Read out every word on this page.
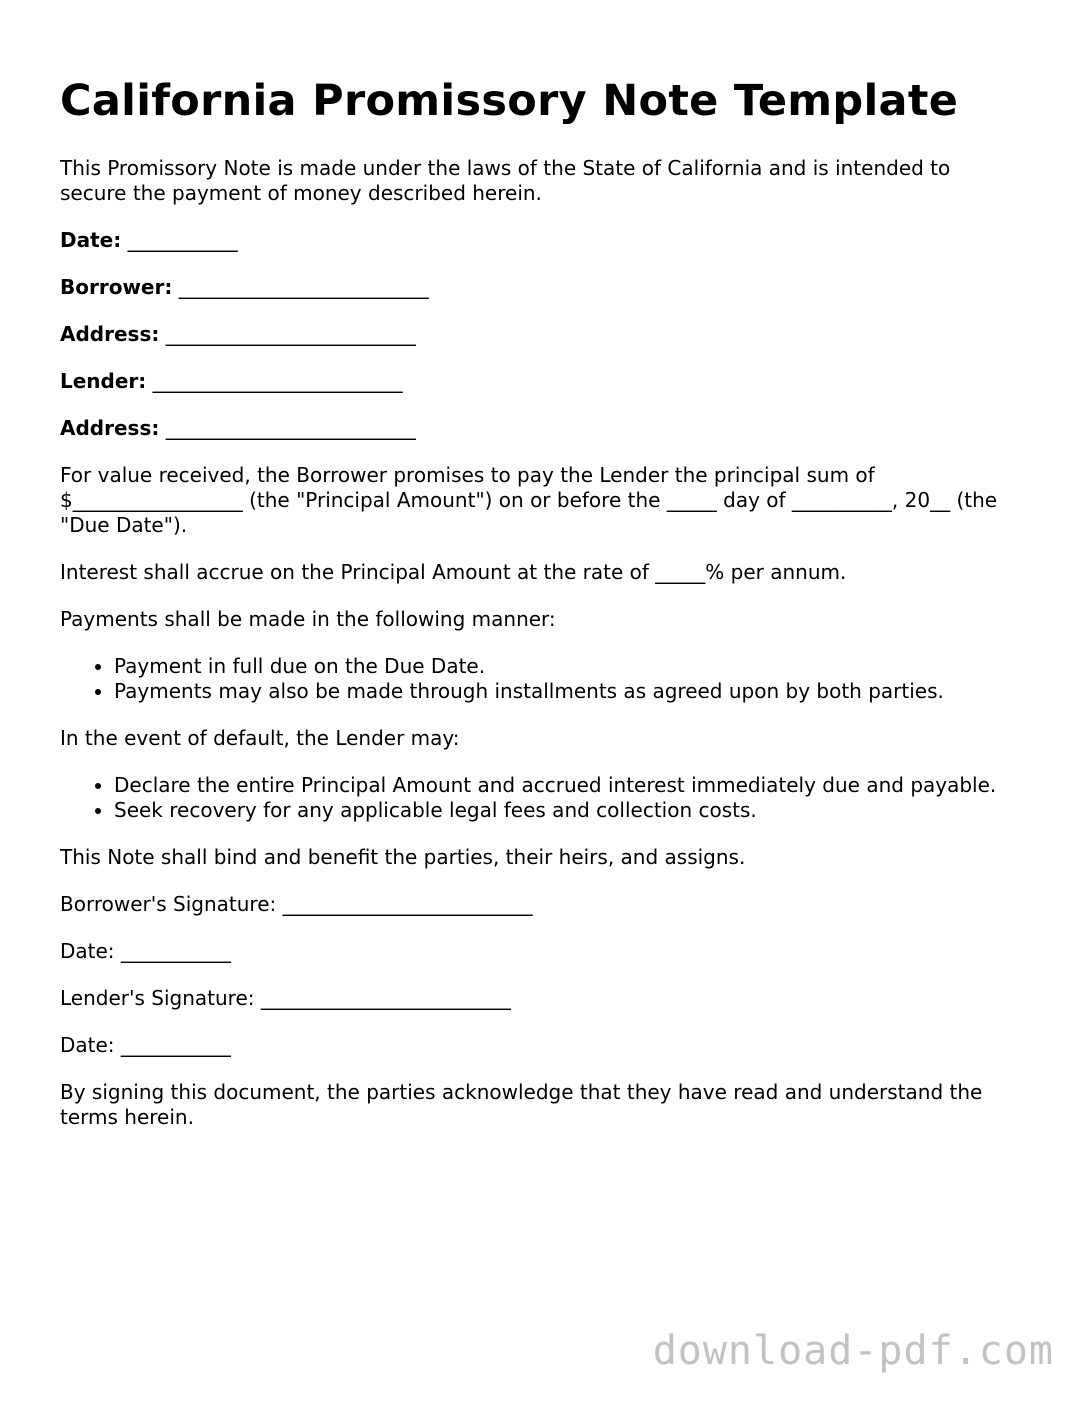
California Promissory Note Template

This Promissory Note is made under the laws of the State of California and is intended to secure the payment of money described herein.

Date: ___________

Borrower: _________________________

Address: _________________________

Lender: _________________________

Address: _________________________

For value received, the Borrower promises to pay the Lender the principal sum of $_________________ (the "Principal Amount") on or before the _____ day of __________, 20__ (the "Due Date").

Interest shall accrue on the Principal Amount at the rate of _____% per annum.

Payments shall be made in the following manner:

• Payment in full due on the Due Date.
• Payments may also be made through installments as agreed upon by both parties.

In the event of default, the Lender may:

• Declare the entire Principal Amount and accrued interest immediately due and payable.
• Seek recovery for any applicable legal fees and collection costs.

This Note shall bind and benefit the parties, their heirs, and assigns.

Borrower's Signature: _________________________

Date: ___________

Lender's Signature: _________________________

Date: ___________

By signing this document, the parties acknowledge that they have read and understand the terms herein.

download-pdf.com
